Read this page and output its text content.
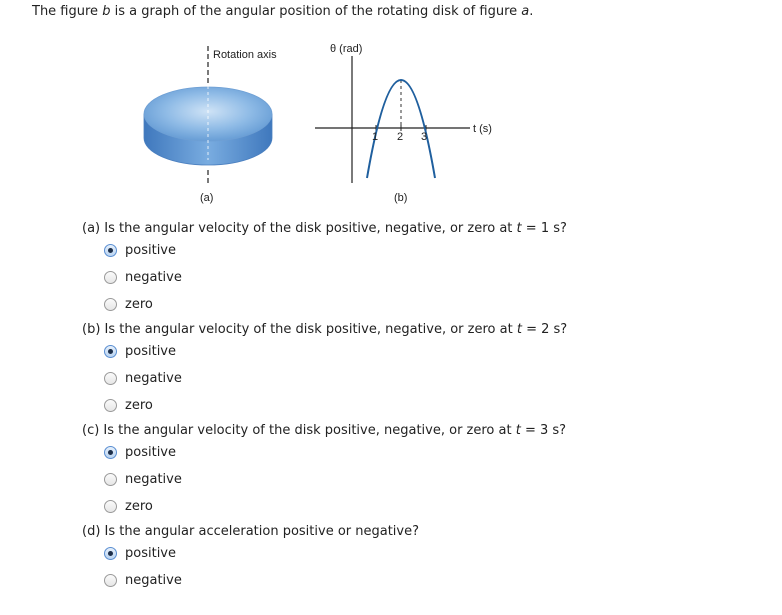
The figure b is a graph of the angular position of the rotating disk of figure a.
Rotation axis
(a)
1 2 3
θ (rad)
t (s)
(b)
(a) Is the angular velocity of the disk positive, negative, or zero at t = 1 s?
positive
negative
zero
(b) Is the angular velocity of the disk positive, negative, or zero at t = 2 s?
positive
negative
zero
(c) Is the angular velocity of the disk positive, negative, or zero at t = 3 s?
positive
negative
zero
(d) Is the angular acceleration positive or negative?
positive
negative
